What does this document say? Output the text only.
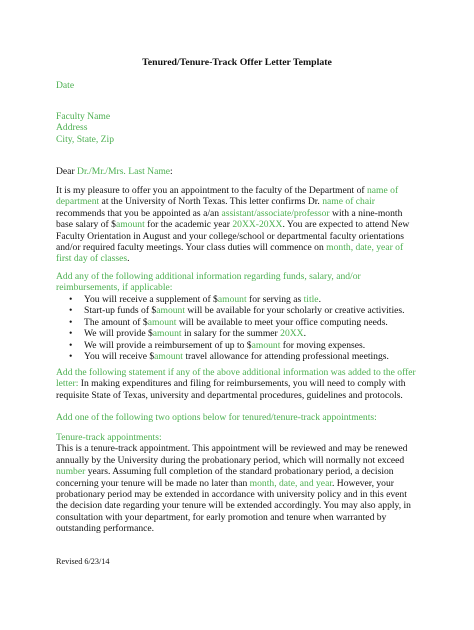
Tenured/Tenure-Track Offer Letter Template
Date
Faculty Name
Address
City, State, Zip
Dear Dr./Mr./Mrs. Last Name:

It is my pleasure to offer you an appointment to the faculty of the Department of name of department at the University of North Texas. This letter confirms Dr. name of chair recommends that you be appointed as a/an assistant/associate/professor with a nine-month base salary of $amount for the academic year 20XX-20XX. You are expected to attend New Faculty Orientation in August and your college/school or departmental faculty orientations and/or required faculty meetings. Your class duties will commence on month, date, year of first day of classes.

Add any of the following additional information regarding funds, salary, and/or reimbursements, if applicable:
• You will receive a supplement of $amount for serving as title.
• Start-up funds of $amount will be available for your scholarly or creative activities.
• The amount of $amount will be available to meet your office computing needs.
• We will provide $amount in salary for the summer 20XX.
• We will provide a reimbursement of up to $amount for moving expenses.
• You will receive $amount travel allowance for attending professional meetings.

Add the following statement if any of the above additional information was added to the offer letter: In making expenditures and filing for reimbursements, you will need to comply with requisite State of Texas, university and departmental procedures, guidelines and protocols.

Add one of the following two options below for tenured/tenure-track appointments:
Tenure-track appointments:

This is a tenure-track appointment. This appointment will be reviewed and may be renewed annually by the University during the probationary period, which will normally not exceed number years. Assuming full completion of the standard probationary period, a decision concerning your tenure will be made no later than month, date, and year. However, your probationary period may be extended in accordance with university policy and in this event the decision date regarding your tenure will be extended accordingly. You may also apply, in consultation with your department, for early promotion and tenure when warranted by outstanding performance.

Revised 6/23/14
